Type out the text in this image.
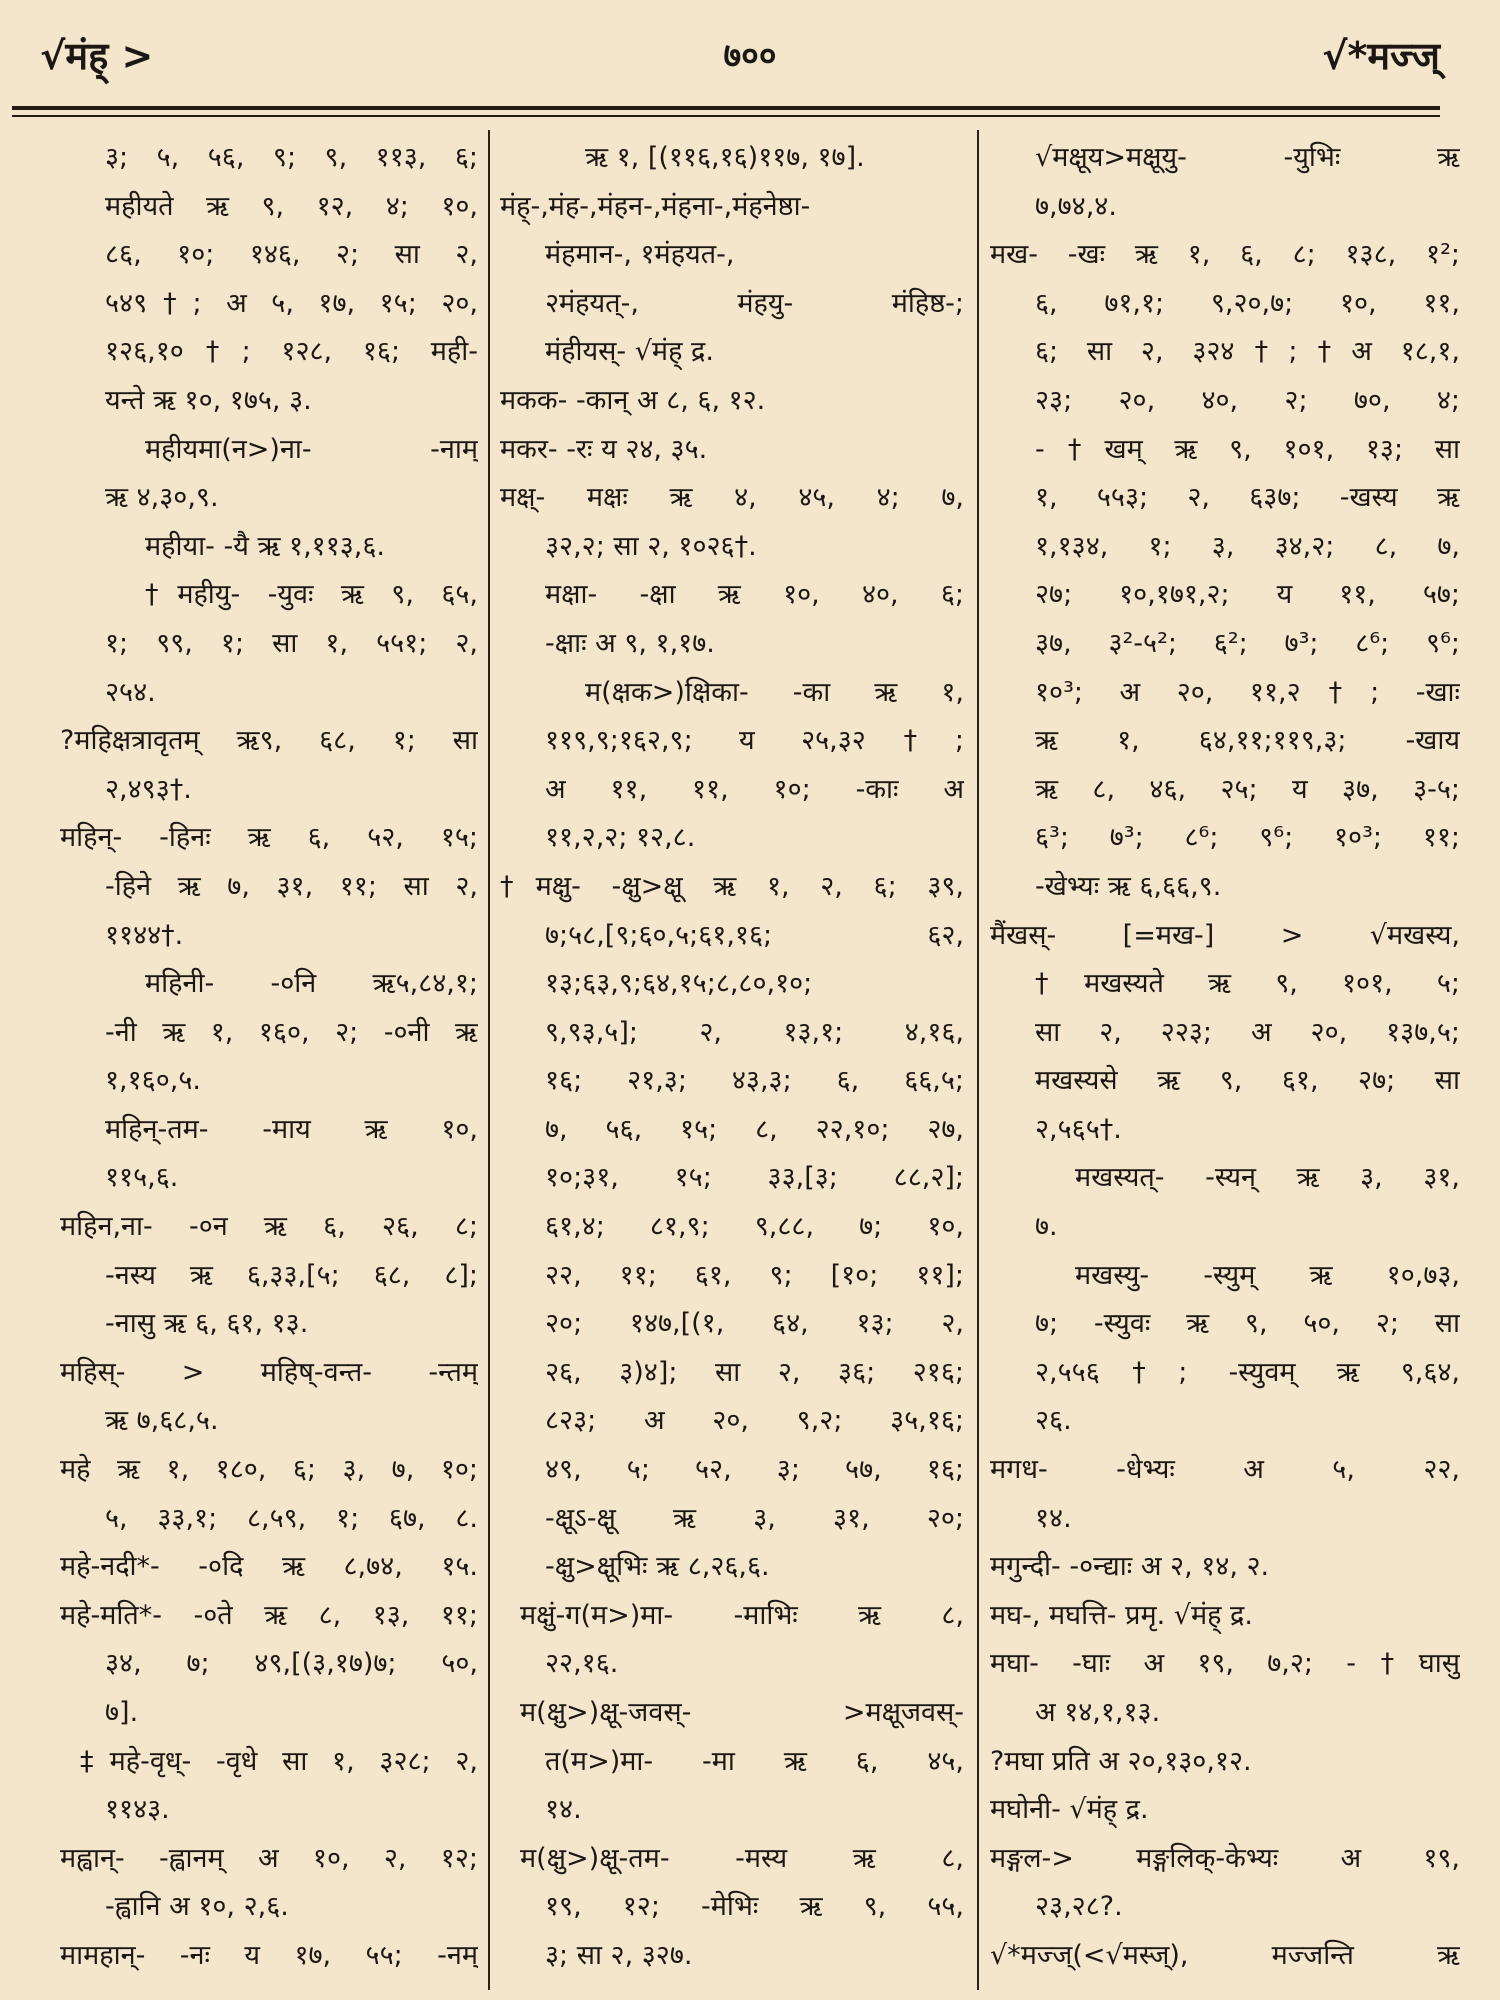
√मंह् >	७००	√*मज्ज्
३; ५, ५६, ९; ९, ११३, ६;
महीयते ऋ ९, १२, ४; १०,
८६, १०; १४६, २; सा २,
५४९†; अ ५, १७, १५; २०,
१२६,१०†; १२८, १६; मही-
यन्ते ऋ १०, १७५, ३.
महीयमा(न>)ना- -नाम्
ऋ ४,३०,९.
महीया- -यै ऋ १,११३,६.
†महीयु- -युवः ऋ ९, ६५,
१; ९९, १; सा १, ५५१; २,
२५४.
?महिक्षत्रावृतम् ऋ९, ६८, १; सा
२,४९३†.
महिन्- -हिनः ऋ ६, ५२, १५;
-हिने ऋ ७, ३१, ११; सा २,
११४४†.
महिनी- -०नि ऋ५,८४,१;
-नी ऋ १, १६०, २; -०नी ऋ
१,१६०,५.
महिन्-तम- -माय ऋ १०,
११५,६.
महिन,ना- -०न ऋ ६, २६, ८;
-नस्य ऋ ६,३३,[५; ६८, ८];
-नासु ऋ ६, ६१, १३.
महिस्- > महिष्-वन्त- -न्तम्
ऋ ७,६८,५.
महे ऋ १, १८०, ६; ३, ७, १०;
५, ३३,१; ८,५९, १; ६७, ८.
महे-नदी*- -०दि ऋ ८,७४, १५.
महे-मति*- -०ते ऋ ८, १३, ११;
३४, ७; ४९,[(३,१७)७; ५०,
७].
‡महे-वृध्- -वृधे सा १, ३२८; २,
११४३.
मह्वान्- -ह्वानम् अ १०, २, १२;
-ह्वानि अ १०, २,६.
मामहान्- -नः य १७, ५५; -नम्
ऋ १, [(११६,१६)११७, १७].
मंह्-,मंह-,मंहन-,मंहना-,मंहनेष्ठा-
मंहमान-, १मंहयत-,
२मंहयत्-, मंहयु- मंहिष्ठ-;
मंहीयस्- √मंह् द्र.
मकक- -कान् अ ८, ६, १२.
मकर- -रः य २४, ३५.
मक्ष्- मक्षः ऋ ४, ४५, ४; ७,
३२,२; सा २, १०२६†.
मक्षा- -क्षा ऋ १०, ४०, ६;
-क्षाः अ ९, १,१७.
म(क्षक>)क्षिका- -का ऋ १,
११९,९;१६२,९; य २५,३२†;
अ ११, ११, १०; -काः अ
११,२,२; १२,८.
†मक्षु- -क्षु>क्षू ऋ १, २, ६; ३९,
७;५८,[९;६०,५;६१,१६; ६२,
१३;६३,९;६४,१५;८,८०,१०;
९,९३,५]; २, १३,१; ४,१६,
१६; २१,३; ४३,३; ६, ६६,५;
७, ५६, १५; ८, २२,१०; २७,
१०;३१, १५; ३३,[३; ८८,२];
६१,४; ८१,९; ९,८८, ७; १०,
२२, ११; ६१, ९; [१०; ११];
२०; १४७,[(१, ६४, १३; २,
२६, ३)४]; सा २, ३६; २१६;
८२३; अ २०, ९,२; ३५,१६;
४९, ५; ५२, ३; ५७, १६;
-क्षूऽ-क्षू ऋ ३, ३१, २०;
-क्षु>क्षूभिः ऋ ८,२६,६.
मक्षुं-ग(म>)मा- -माभिः ऋ ८,
२२,१६.
म(क्षु>)क्षू-जवस्- >मक्षूजवस्-
त(म>)मा- -मा ऋ ६, ४५,
१४.
म(क्षु>)क्षू-तम- -मस्य ऋ ८,
१९, १२; -मेभिः ऋ ९, ५५,
३; सा २, ३२७.
√मक्षूय>मक्षूयु- -युभिः ऋ
७,७४,४.
मख- -खः ऋ १, ६, ८; १३८, १²;
६, ७१,१; ९,२०,७; १०, ११,
६; सा २, ३२४†;†अ १८,१,
२३; २०, ४०, २; ७०, ४;
-†खम् ऋ ९, १०१, १३; सा
१, ५५३; २, ६३७; -खस्य ऋ
१,१३४, १; ३, ३४,२; ८, ७,
२७; १०,१७१,२; य ११, ५७;
३७, ३²-५²; ६²; ७³; ८⁶; ९⁶;
१०³; अ २०, ११,२†; -खाः
ऋ १, ६४,११;११९,३; -खाय
ऋ ८, ४६, २५; य ३७, ३-५;
६³; ७³; ८⁶; ९⁶; १०³; ११;
-खेभ्यः ऋ ६,६६,९.
मैंखस्- [=मख-] > √मखस्य,
†मखस्यते ऋ ९, १०१, ५;
सा २, २२३; अ २०, १३७,५;
मखस्यसे ऋ ९, ६१, २७; सा
२,५६५†.
मखस्यत्- -स्यन् ऋ ३, ३१,
७.
मखस्यु- -स्युम् ऋ १०,७३,
७; -स्युवः ऋ ९, ५०, २; सा
२,५५६†; -स्युवम् ऋ ९,६४,
२६.
मगध- -धेभ्यः अ ५, २२,
१४.
मगुन्दी- -०न्द्याः अ २, १४, २.
मघ-, मघत्ति- प्रमृ. √मंह् द्र.
मघा- -घाः अ १९, ७,२; -†घासु
अ १४,१,१३.
?मघा प्रति अ २०,१३०,१२.
मघोनी- √मंह् द्र.
मङ्गल-> मङ्गलिक्-केभ्यः अ १९,
२३,२८?.
√*मज्ज्(<√मस्ज्), मज्जन्ति ऋ
